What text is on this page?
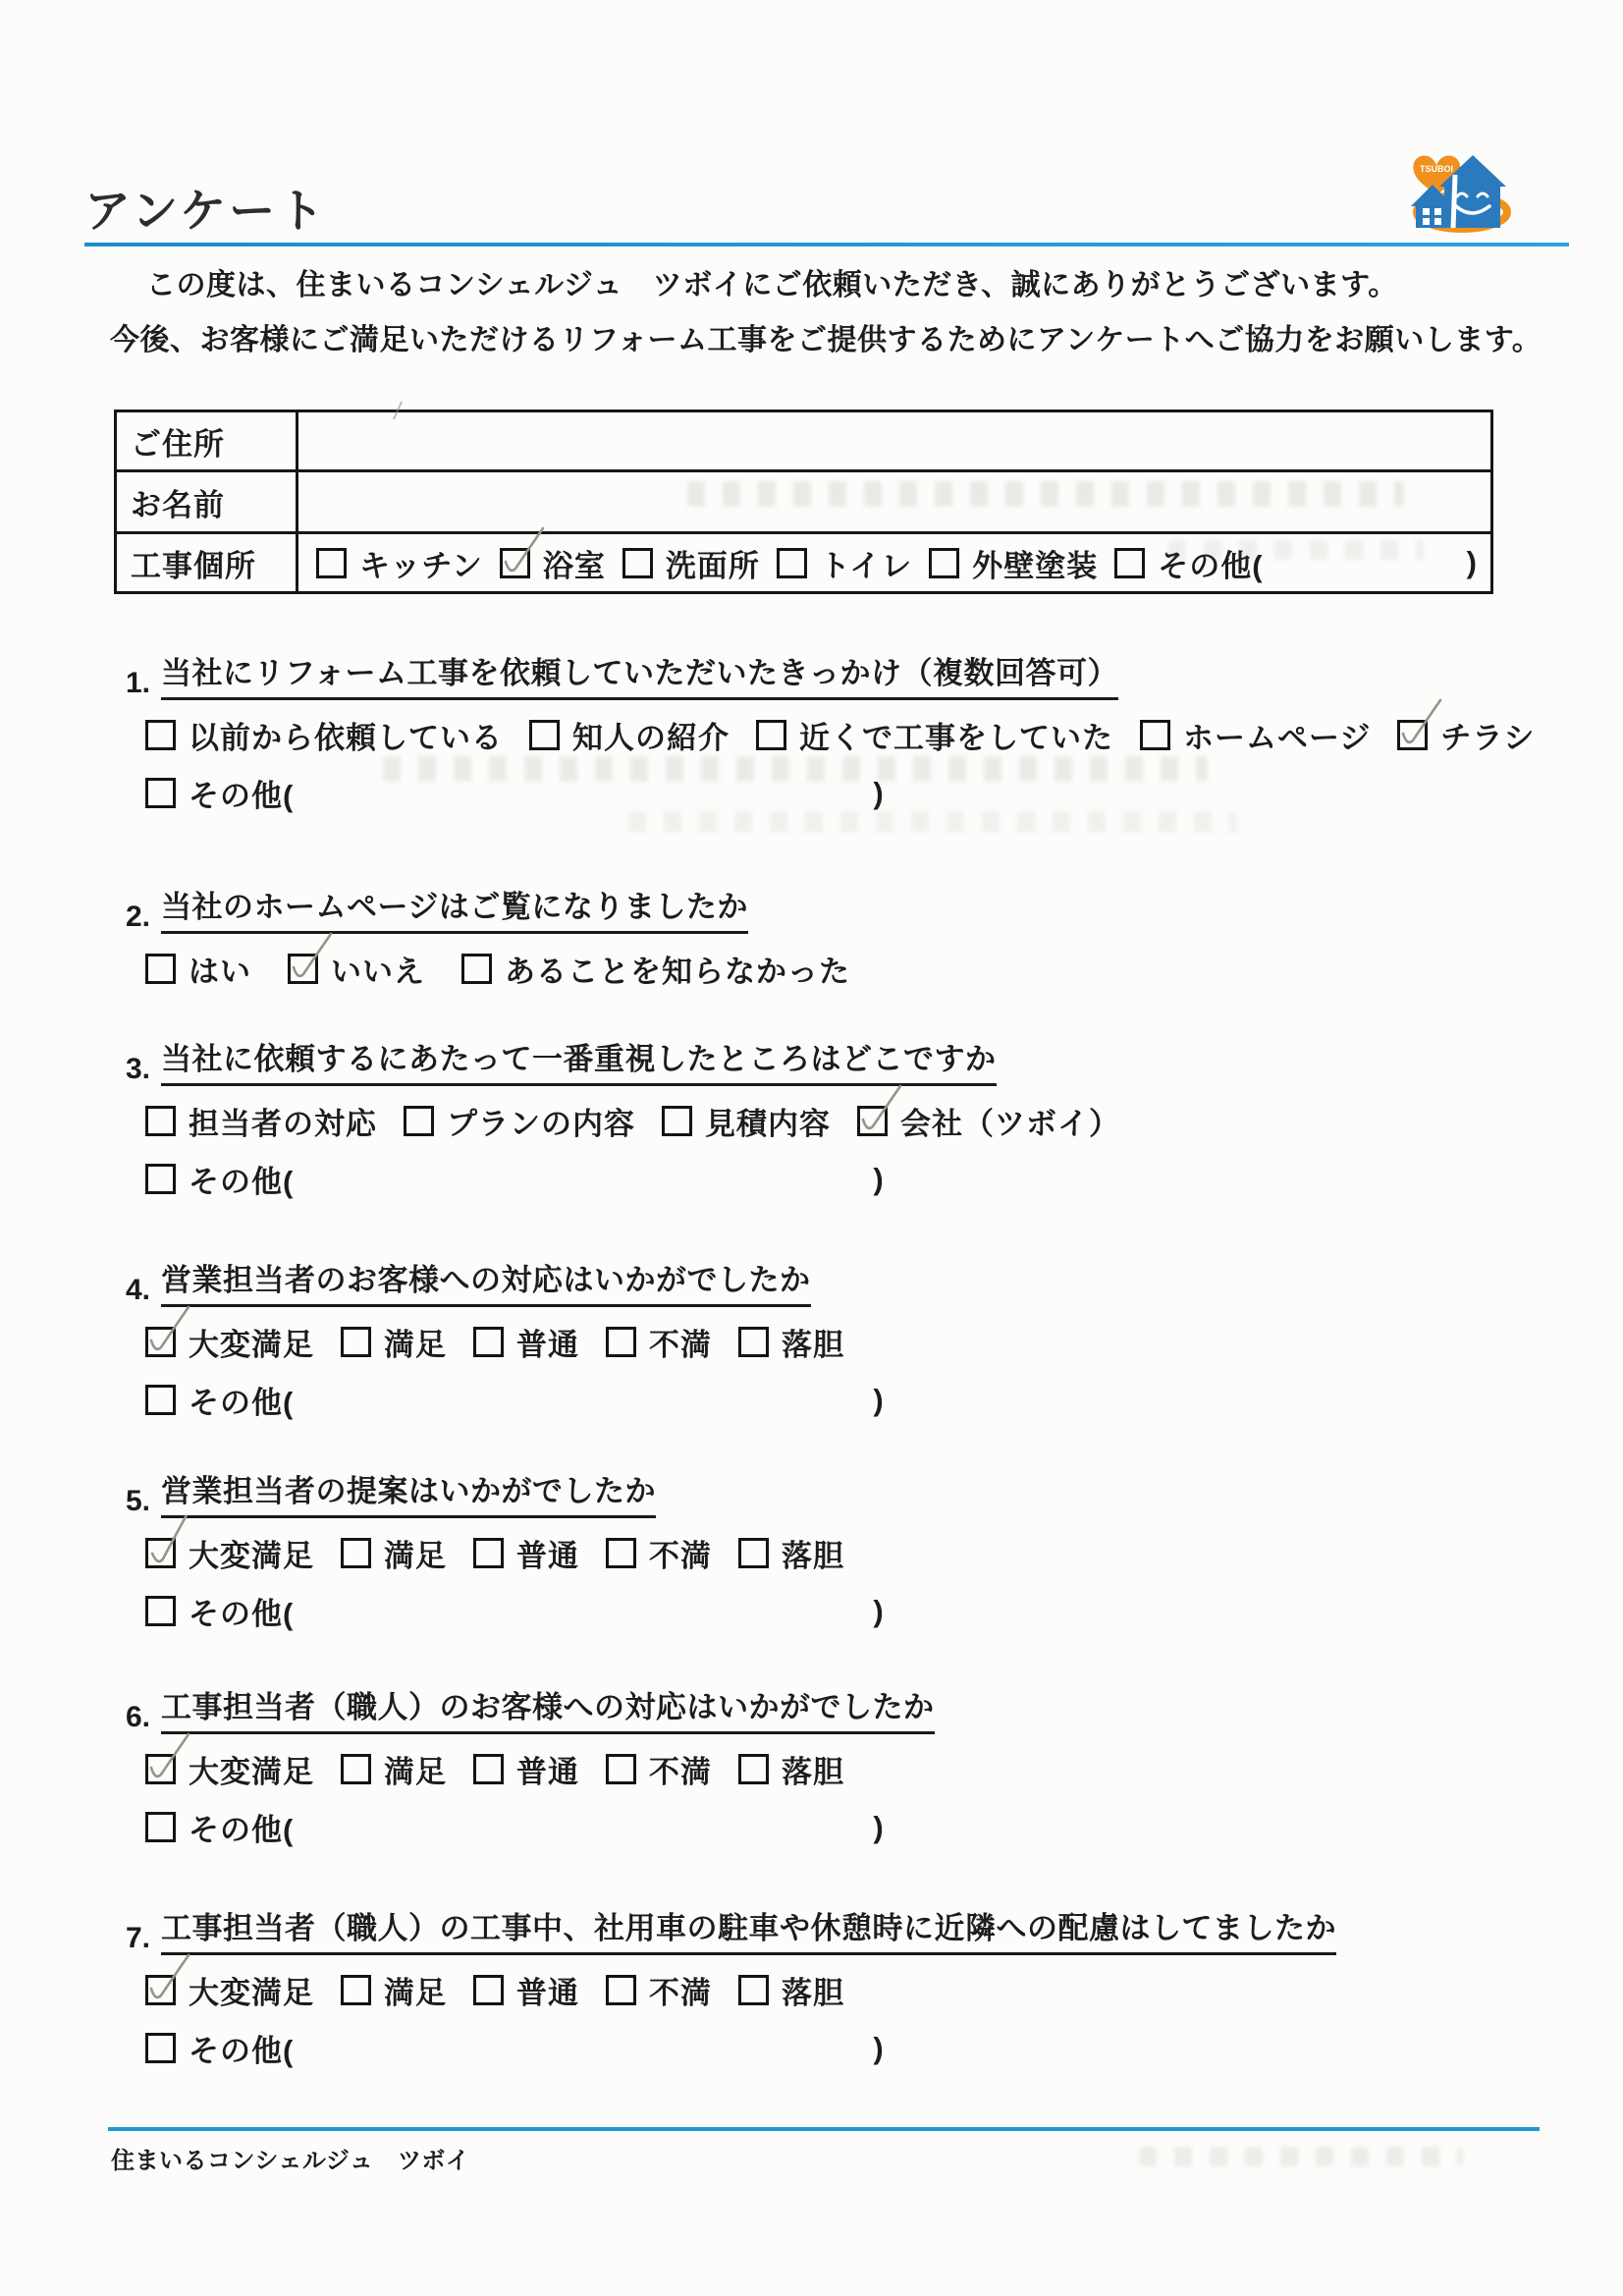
アンケート
TSUBOI
この度は、住まいるコンシェルジュ　ツボイにご依頼いただき、誠にありがとうございます。
今後、お客様にご満足いただけるリフォーム工事をご提供するためにアンケートへご協力をお願いします。
ご住所
お名前
工事個所	キッチン 浴室 洗面所 トイレ 外壁塗装 その他(	)
1. 当社にリフォーム工事を依頼していただいたきっかけ（複数回答可）
以前から依頼している 知人の紹介 近くで工事をしていた ホームページ チラシ
その他(	)
2. 当社のホームページはご覧になりましたか
はい	いいえ	あることを知らなかった
3. 当社に依頼するにあたって一番重視したところはどこですか
担当者の対応 プランの内容 見積内容 会社（ツボイ）
その他(	)
4. 営業担当者のお客様への対応はいかがでしたか
大変満足 満足 普通 不満 落胆
その他(	)
5. 営業担当者の提案はいかがでしたか
大変満足 満足 普通 不満 落胆
その他(	)
6. 工事担当者（職人）のお客様への対応はいかがでしたか
大変満足 満足 普通 不満 落胆
その他(	)
7. 工事担当者（職人）の工事中、社用車の駐車や休憩時に近隣への配慮はしてましたか
大変満足 満足 普通 不満 落胆
その他(	)
住まいるコンシェルジュ　ツボイ
